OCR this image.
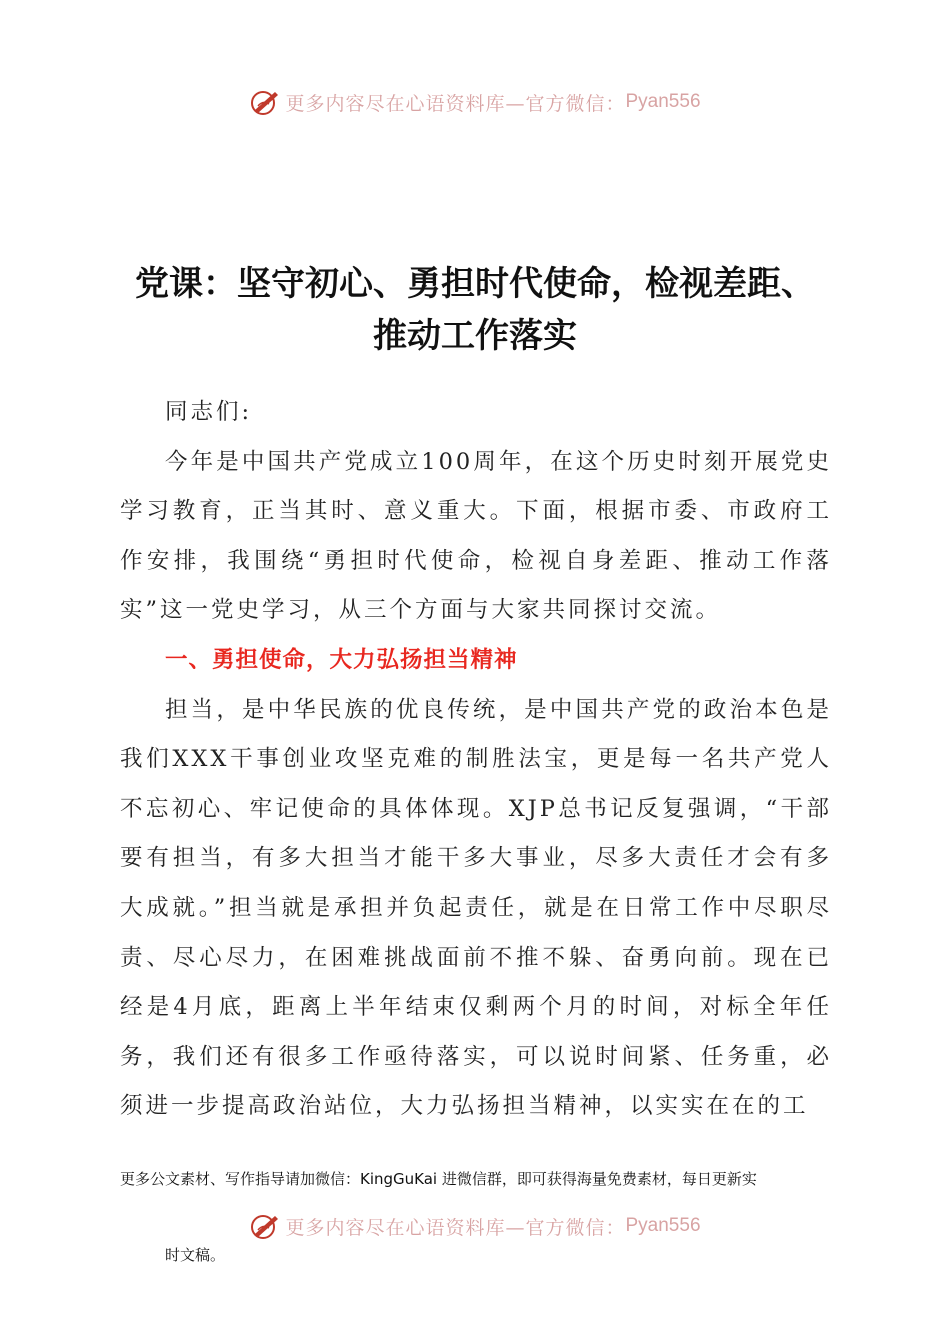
更多内容尽在心语资料库—官方微信： Pyan556
党课：坚守初心、勇担时代使命，检视差距、
推动工作落实

同志们:

今年是中国共产党成立100周年，在这个历史时刻开展党史学习教育，正当其时、意义重大。下面，根据市委、市政府工作安排，我围绕“勇担时代使命，检视自身差距、推动工作落实”这一党史学习，从三个方面与大家共同探讨交流。

一、勇担使命，大力弘扬担当精神

担当，是中华民族的优良传统，是中国共产党的政治本色是我们XXX干事创业攻坚克难的制胜法宝，更是每一名共产党人不忘初心、牢记使命的具体体现。XJP总书记反复强调，“干部要有担当，有多大担当才能干多大事业，尽多大责任才会有多大成就。”担当就是承担并负起责任，就是在日常工作中尽职尽责、尽心尽力，在困难挑战面前不推不躲、奋勇向前。现在已经是4月底，距离上半年结束仅剩两个月的时间，对标全年任务，我们还有很多工作亟待落实，可以说时间紧、任务重，必须进一步提高政治站位，大力弘扬担当精神，以实实在在的工

更多公文素材、写作指导请加微信：KingGuKai 进微信群，即可获得海量免费素材，每日更新实
更多内容尽在心语资料库—官方微信： Pyan556
时文稿。
